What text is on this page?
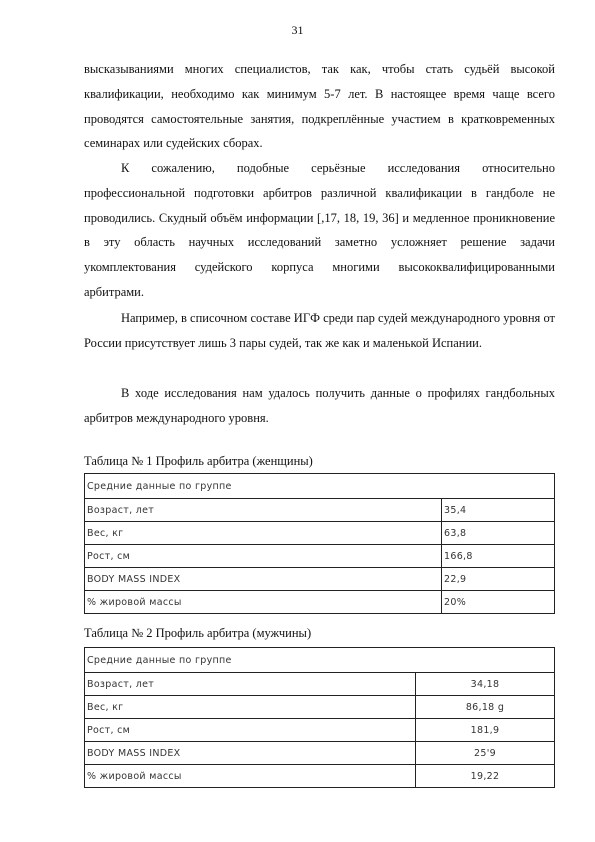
31

высказываниями многих специалистов, так как, чтобы стать судьёй высокой квалификации, необходимо как минимум 5-7 лет. В настоящее время чаще всего проводятся самостоятельные занятия, подкреплённые участием в кратковременных семинарах или судейских сборах.

К сожалению, подобные серьёзные исследования относительно профессиональной подготовки арбитров различной квалификации в гандболе не проводились. Скудный объём информации [,17, 18, 19, 36] и медленное проникновение в эту область научных исследований заметно усложняет решение задачи укомплектования судейского корпуса многими высококвалифицированными арбитрами.

Например, в списочном составе ИГФ среди пар судей международного уровня от России присутствует лишь 3 пары судей, так же как и маленькой Испании.

В ходе исследования нам удалось получить данные о профилях гандбольных арбитров международного уровня.

Таблица № 1 Профиль арбитра (женщины)

Средние данные по группе	
Возраст, лет	35,4
Вес, кг	63,8
Рост, см	166,8
BODY MASS INDEX	22,9
% жировой массы	20%

Таблица № 2 Профиль арбитра (мужчины)

Средние данные по группе	
Возраст, лет	34,18
Вес, кг	86,18 g
Рост, см	181,9
BODY MASS INDEX	25'9
% жировой массы	19,22
